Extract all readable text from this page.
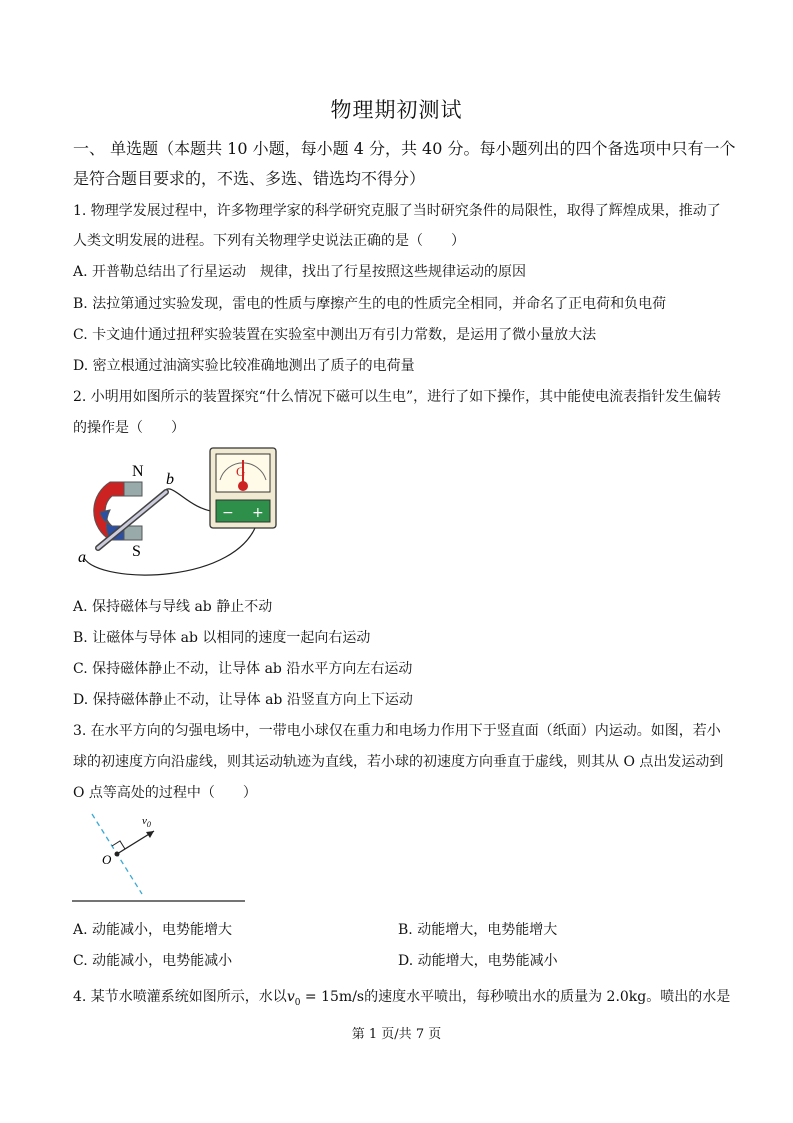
物理期初测试
一、 单选题（本题共 10 小题，每小题 4 分，共 40 分。每小题列出的四个备选项中只有一个
是符合题目要求的，不选、多选、错选均不得分）
1. 物理学发展过程中，许多物理学家的科学研究克服了当时研究条件的局限性，取得了辉煌成果，推动了
人类文明发展的进程。下列有关物理学史说法正确的是（　　）
A. 开普勒总结出了行星运动　规律，找出了行星按照这些规律运动的原因
B. 法拉第通过实验发现，雷电的性质与摩擦产生的电的性质完全相同，并命名了正电荷和负电荷
C. 卡文迪什通过扭秤实验装置在实验室中测出万有引力常数，是运用了微小量放大法
D. 密立根通过油滴实验比较准确地测出了质子的电荷量
2. 小明用如图所示的装置探究“什么情况下磁可以生电”，进行了如下操作，其中能使电流表指针发生偏转
的操作是（　　）
N
S
a
b
− +
G
A. 保持磁体与导线 ab 静止不动
B. 让磁体与导体 ab 以相同的速度一起向右运动
C. 保持磁体静止不动，让导体 ab 沿水平方向左右运动
D. 保持磁体静止不动，让导体 ab 沿竖直方向上下运动
3. 在水平方向的匀强电场中，一带电小球仅在重力和电场力作用下于竖直面（纸面）内运动。如图，若小
球的初速度方向沿虚线，则其运动轨迹为直线，若小球的初速度方向垂直于虚线，则其从 O 点出发运动到
O 点等高处的过程中（　　）
O
$v_0$
A. 动能减小，电势能增大	B. 动能增大，电势能增大
C. 动能减小，电势能减小	D. 动能增大，电势能减小
4. 某节水喷灌系统如图所示，水以$v_0 = 15m/s$的速度水平喷出，每秒喷出水的质量为 2.0kg。喷出的水是
第 1 页/共 7 页
